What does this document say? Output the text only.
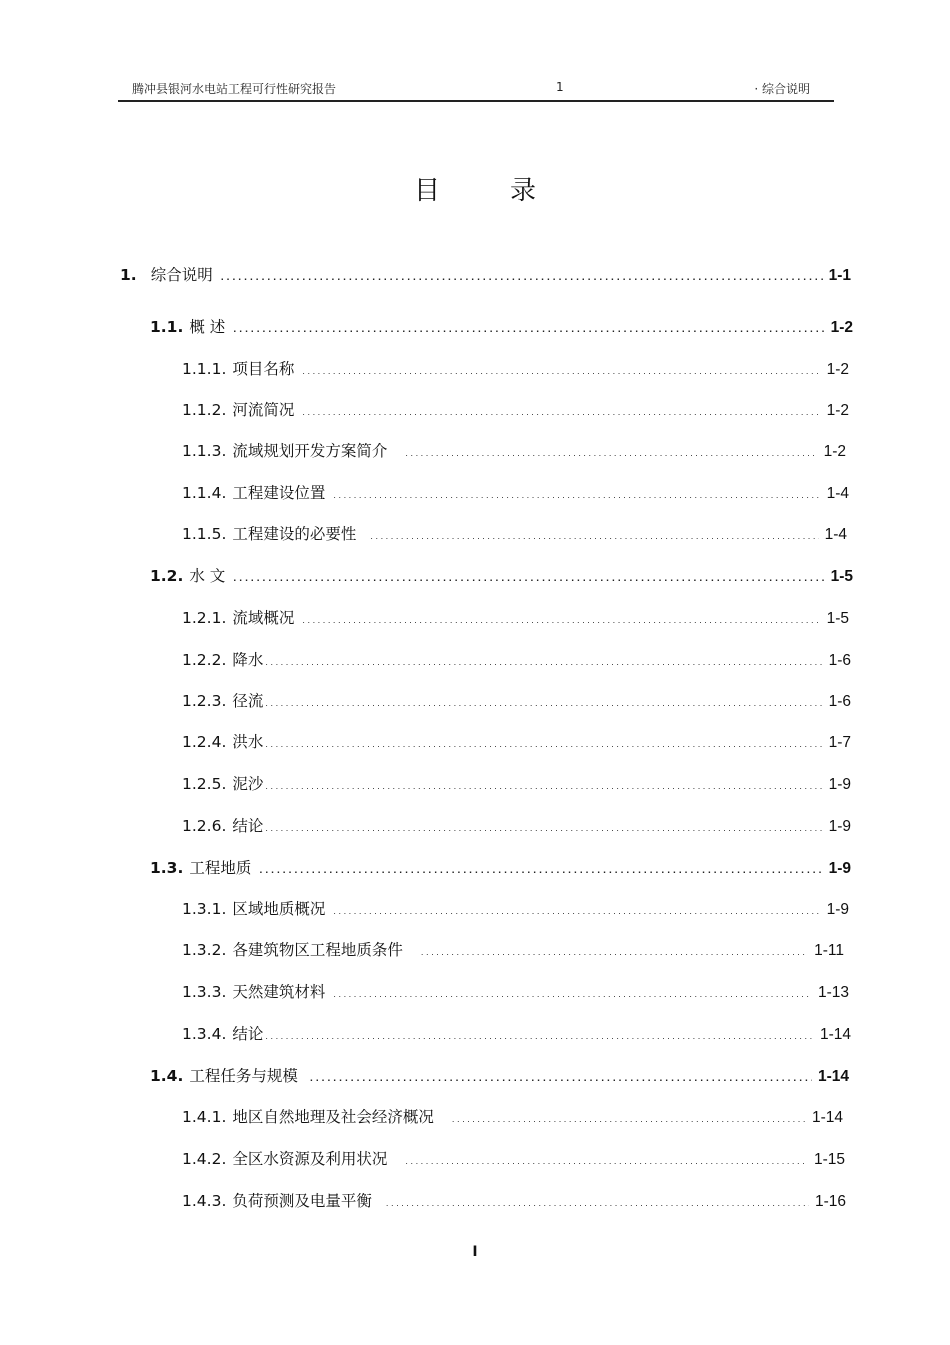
腾冲县银河水电站工程可行性研究报告	1	· 综合说明
目	录
1. 综合说明 . . .	1-1
1.1. 概 述 . . .	1-2
1.1.1. 项目名称 . . .	1-2
1.1.2. 河流简况 . . .	1-2
1.1.3. 流域规划开发方案简介 . . .	1-2
1.1.4. 工程建设位置 . . .	1-4
1.1.5. 工程建设的必要性 . . .	1-4
1.2. 水 文 . . .	1-5
1.2.1. 流域概况 . . .	1-5
1.2.2. 降水 . . .	1-6
1.2.3. 径流 . . .	1-6
1.2.4. 洪水 . . .	1-7
1.2.5. 泥沙 . . .	1-9
1.2.6. 结论 . . .	1-9
1.3. 工程地质 . . .	1-9
1.3.1. 区域地质概况 . . .	1-9
1.3.2. 各建筑物区工程地质条件 . . .	1-11
1.3.3. 天然建筑材料 . . .	1-13
1.3.4. 结论 . . .	1-14
1.4. 工程任务与规模 . . .	1-14
1.4.1. 地区自然地理及社会经济概况 . . .	1-14
1.4.2. 全区水资源及利用状况 . . .	1-15
1.4.3. 负荷预测及电量平衡 . . .	1-16
I
